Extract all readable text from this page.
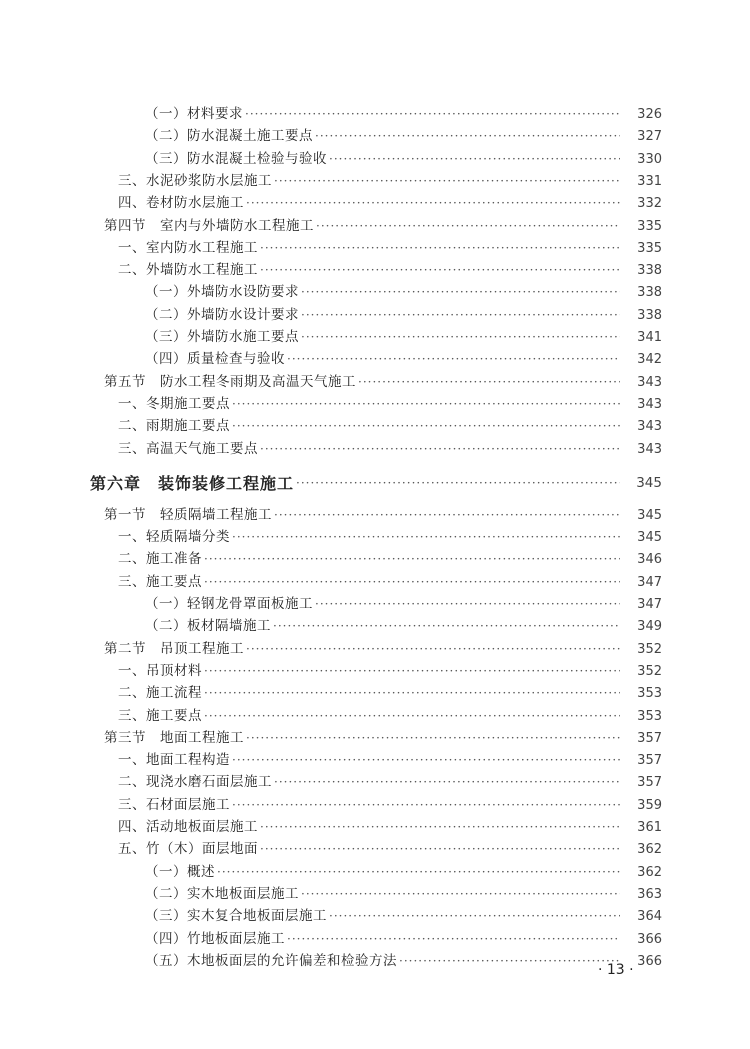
（一）材料要求 ·····	326
（二）防水混凝土施工要点 ·····	327
（三）防水混凝土检验与验收 ·····	330
三、水泥砂浆防水层施工 ·····	331
四、卷材防水层施工 ·····	332
第四节　室内与外墙防水工程施工 ·····	335
一、室内防水工程施工 ·····	335
二、外墙防水工程施工 ·····	338
（一）外墙防水设防要求 ·····	338
（二）外墙防水设计要求 ·····	338
（三）外墙防水施工要点 ·····	341
（四）质量检查与验收 ·····	342
第五节　防水工程冬雨期及高温天气施工 ·····	343
一、冬期施工要点 ·····	343
二、雨期施工要点 ·····	343
三、高温天气施工要点 ·····	343
第六章　装饰装修工程施工 ·····	345
第一节　轻质隔墙工程施工 ·····	345
一、轻质隔墙分类 ·····	345
二、施工准备 ·····	346
三、施工要点 ·····	347
（一）轻钢龙骨罩面板施工 ·····	347
（二）板材隔墙施工 ·····	349
第二节　吊顶工程施工 ·····	352
一、吊顶材料 ·····	352
二、施工流程 ·····	353
三、施工要点 ·····	353
第三节　地面工程施工 ·····	357
一、地面工程构造 ·····	357
二、现浇水磨石面层施工 ·····	357
三、石材面层施工 ·····	359
四、活动地板面层施工 ·····	361
五、竹（木）面层地面 ·····	362
（一）概述 ·····	362
（二）实木地板面层施工 ·····	363
（三）实木复合地板面层施工 ·····	364
（四）竹地板面层施工 ·····	366
（五）木地板面层的允许偏差和检验方法 ·····	366
· 13 ·
